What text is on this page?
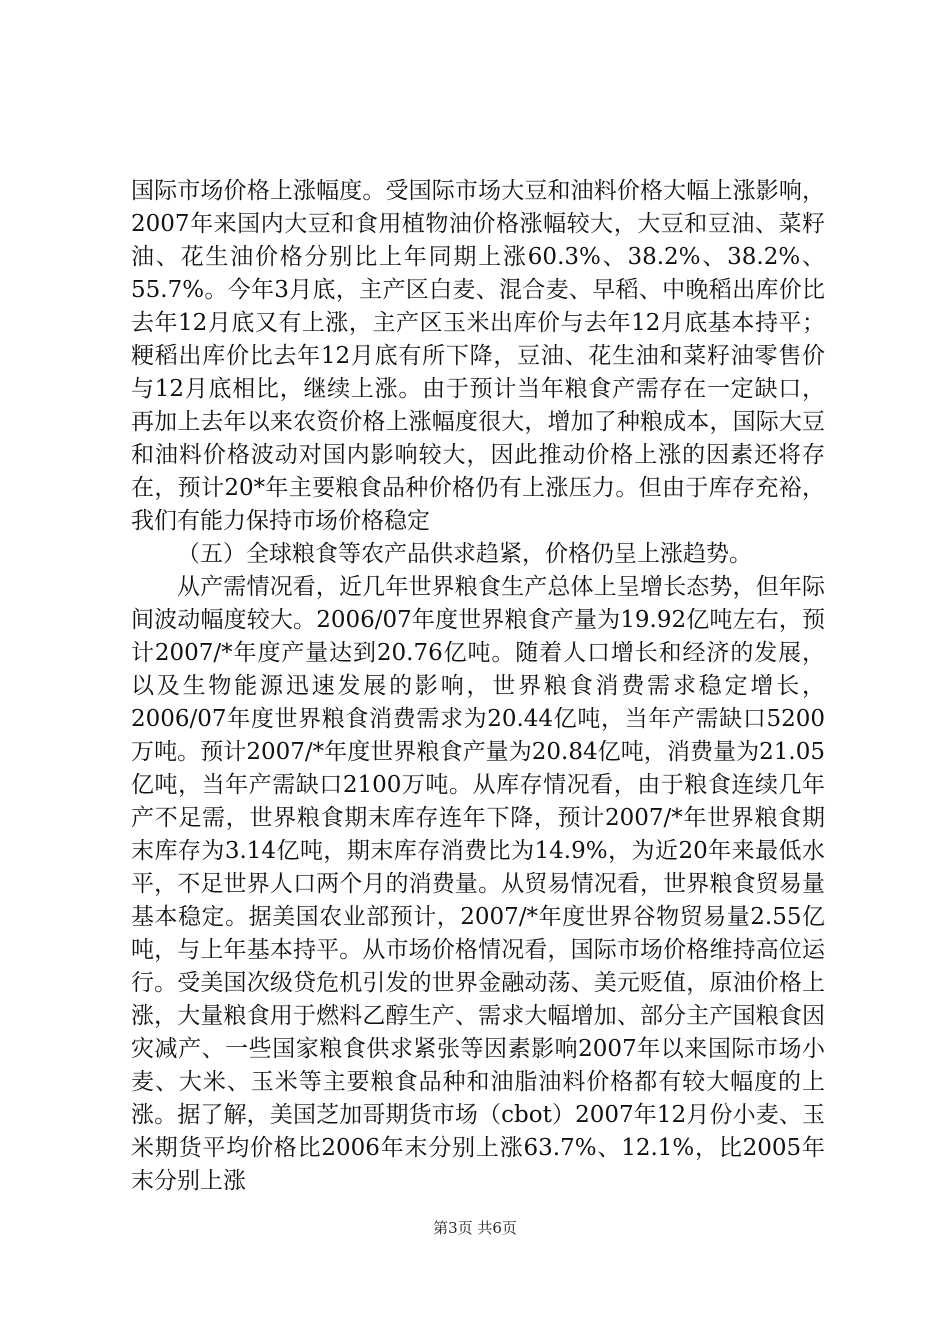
国际市场价格上涨幅度。受国际市场大豆和油料价格大幅上涨影响，2007年来国内大豆和食用植物油价格涨幅较大，大豆和豆油、菜籽油、花生油价格分别比上年同期上涨60.3%、38.2%、38.2%、55.7%。今年3月底，主产区白麦、混合麦、早稻、中晚稻出库价比去年12月底又有上涨，主产区玉米出库价与去年12月底基本持平；粳稻出库价比去年12月底有所下降，豆油、花生油和菜籽油零售价与12月底相比，继续上涨。由于预计当年粮食产需存在一定缺口，再加上去年以来农资价格上涨幅度很大，增加了种粮成本，国际大豆和油料价格波动对国内影响较大，因此推动价格上涨的因素还将存在，预计20*年主要粮食品种价格仍有上涨压力。但由于库存充裕，我们有能力保持市场价格稳定

（五）全球粮食等农产品供求趋紧，价格仍呈上涨趋势。

从产需情况看，近几年世界粮食生产总体上呈增长态势，但年际间波动幅度较大。2006/07年度世界粮食产量为19.92亿吨左右，预计2007/*年度产量达到20.76亿吨。随着人口增长和经济的发展，以及生物能源迅速发展的影响，世界粮食消费需求稳定增长，2006/07年度世界粮食消费需求为20.44亿吨，当年产需缺口5200万吨。预计2007/*年度世界粮食产量为20.84亿吨，消费量为21.05亿吨，当年产需缺口2100万吨。从库存情况看，由于粮食连续几年产不足需，世界粮食期末库存连年下降，预计2007/*年世界粮食期末库存为3.14亿吨，期末库存消费比为14.9%，为近20年来最低水平，不足世界人口两个月的消费量。从贸易情况看，世界粮食贸易量基本稳定。据美国农业部预计，2007/*年度世界谷物贸易量2.55亿吨，与上年基本持平。从市场价格情况看，国际市场价格维持高位运行。受美国次级贷危机引发的世界金融动荡、美元贬值，原油价格上涨，大量粮食用于燃料乙醇生产、需求大幅增加、部分主产国粮食因灾减产、一些国家粮食供求紧张等因素影响2007年以来国际市场小麦、大米、玉米等主要粮食品种和油脂油料价格都有较大幅度的上涨。据了解，美国芝加哥期货市场（cbot）2007年12月份小麦、玉米期货平均价格比2006年末分别上涨63.7%、12.1%，比2005年末分别上涨

第3页 共6页
